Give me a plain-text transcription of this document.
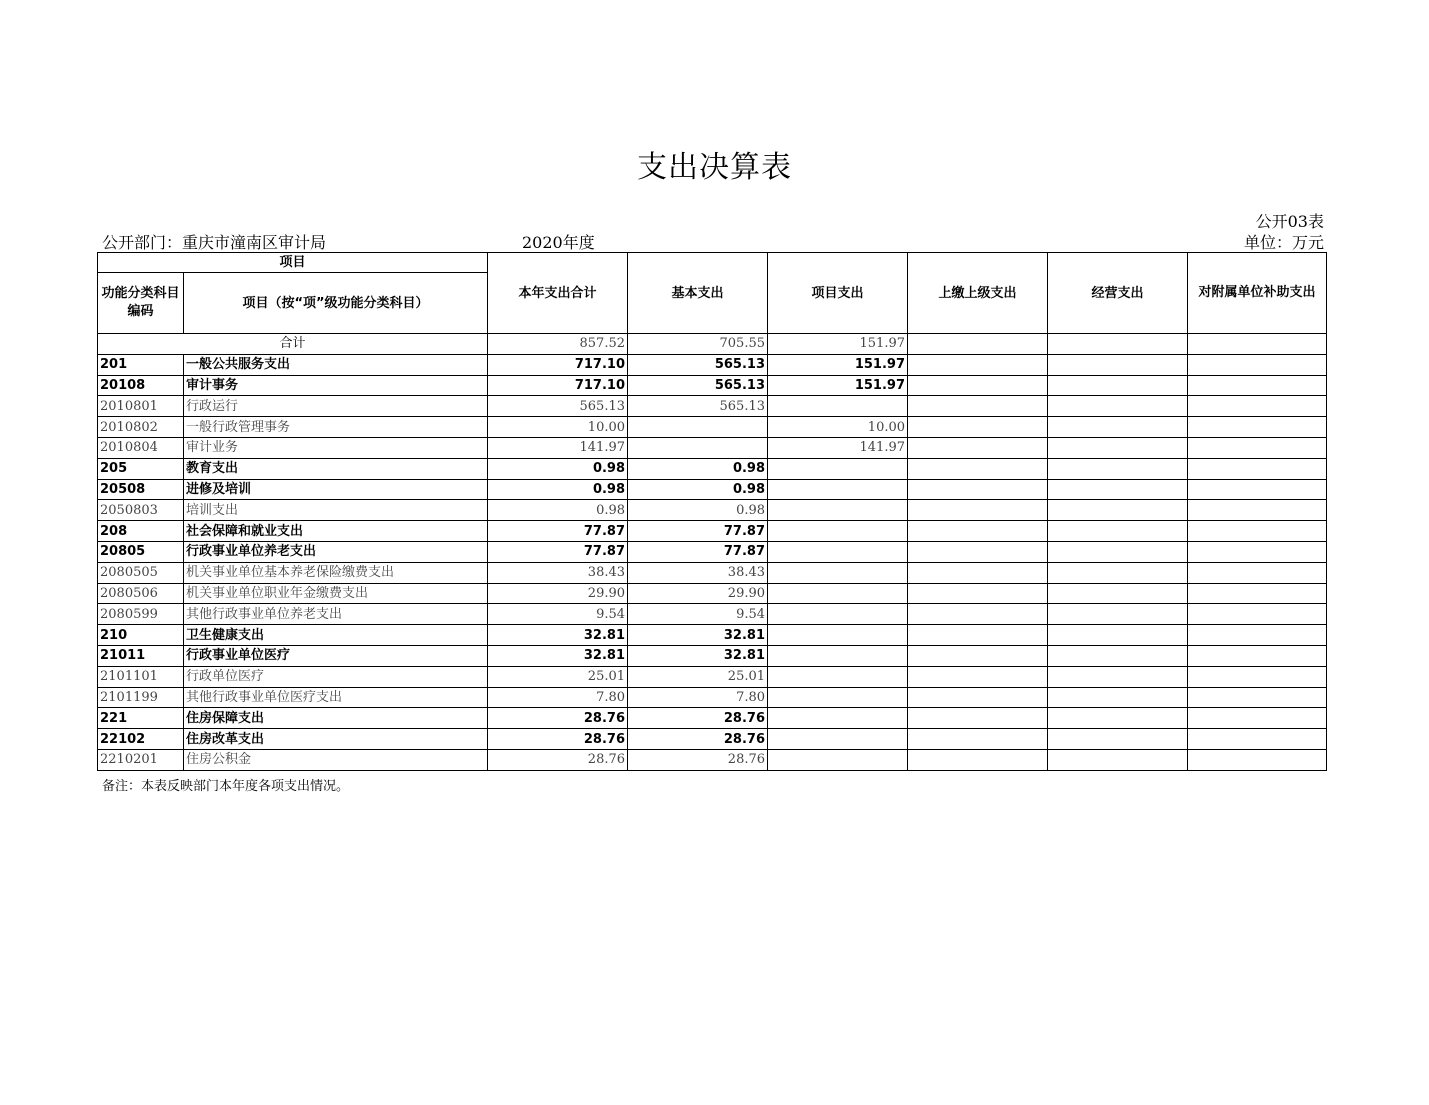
支出决算表
公开03表
公开部门：重庆市潼南区审计局	2020年度	单位：万元
项目		本年支出合计	基本支出	项目支出	上缴上级支出	经营支出	对附属单位补助支出
功能分类科目编码	项目（按“项”级功能分类科目）						
合计		857.52	705.55	151.97			
201	一般公共服务支出	717.10	565.13	151.97			
20108	审计事务	717.10	565.13	151.97			
2010801	行政运行	565.13	565.13				
2010802	一般行政管理事务	10.00		10.00			
2010804	审计业务	141.97		141.97			
205	教育支出	0.98	0.98				
20508	进修及培训	0.98	0.98				
2050803	培训支出	0.98	0.98				
208	社会保障和就业支出	77.87	77.87				
20805	行政事业单位养老支出	77.87	77.87				
2080505	机关事业单位基本养老保险缴费支出	38.43	38.43				
2080506	机关事业单位职业年金缴费支出	29.90	29.90				
2080599	其他行政事业单位养老支出	9.54	9.54				
210	卫生健康支出	32.81	32.81				
21011	行政事业单位医疗	32.81	32.81				
2101101	行政单位医疗	25.01	25.01				
2101199	其他行政事业单位医疗支出	7.80	7.80				
221	住房保障支出	28.76	28.76				
22102	住房改革支出	28.76	28.76				
2210201	住房公积金	28.76	28.76				
备注：本表反映部门本年度各项支出情况。
